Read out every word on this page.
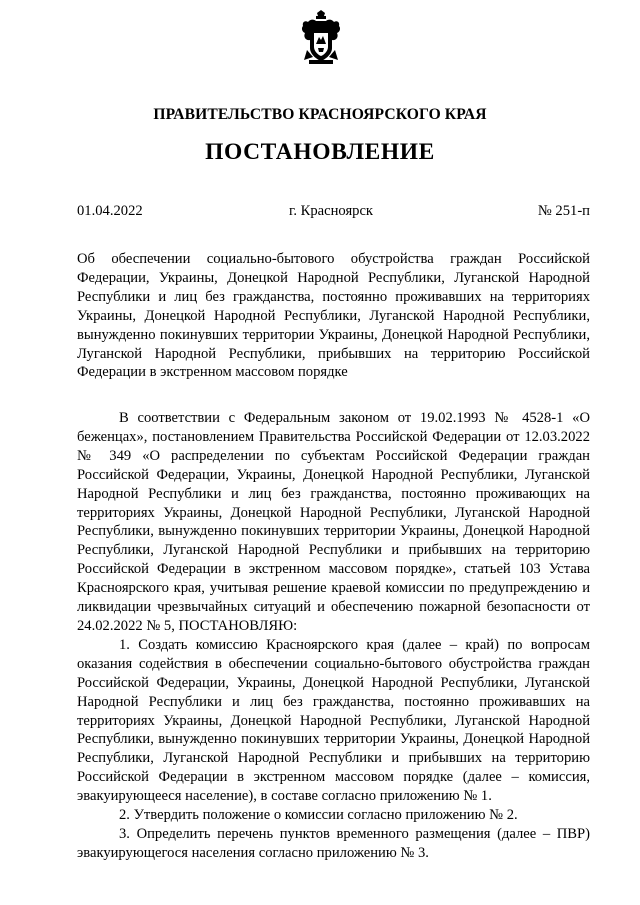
ПРАВИТЕЛЬСТВО КРАСНОЯРСКОГО КРАЯ
ПОСТАНОВЛЕНИЕ
01.04.2022	г. Красноярск	№ 251-п
Об обеспечении социально-бытового обустройства граждан Российской Федерации, Украины, Донецкой Народной Республики, Луганской Народной Республики и лиц без гражданства, постоянно проживавших на территориях Украины, Донецкой Народной Республики, Луганской Народной Республики, вынужденно покинувших территории Украины, Донецкой Народной Республики, Луганской Народной Республики, прибывших на территорию Российской Федерации в экстренном массовом порядке

В соответствии с Федеральным законом от 19.02.1993 № 4528-1 «О беженцах», постановлением Правительства Российской Федерации от 12.03.2022 № 349 «О распределении по субъектам Российской Федерации граждан Российской Федерации, Украины, Донецкой Народной Республики, Луганской Народной Республики и лиц без гражданства, постоянно проживающих на территориях Украины, Донецкой Народной Республики, Луганской Народной Республики, вынужденно покинувших территории Украины, Донецкой Народной Республики, Луганской Народной Республики и прибывших на территорию Российской Федерации в экстренном массовом порядке», статьей 103 Устава Красноярского края, учитывая решение краевой комиссии по предупреждению и ликвидации чрезвычайных ситуаций и обеспечению пожарной безопасности от 24.02.2022 № 5, ПОСТАНОВЛЯЮ:

1. Создать комиссию Красноярского края (далее – край) по вопросам оказания содействия в обеспечении социально-бытового обустройства граждан Российской Федерации, Украины, Донецкой Народной Республики, Луганской Народной Республики и лиц без гражданства, постоянно проживавших на территориях Украины, Донецкой Народной Республики, Луганской Народной Республики, вынужденно покинувших территории Украины, Донецкой Народной Республики, Луганской Народной Республики и прибывших на территорию Российской Федерации в экстренном массовом порядке (далее – комиссия, эвакуирующееся население), в составе согласно приложению № 1.

2. Утвердить положение о комиссии согласно приложению № 2.

3. Определить перечень пунктов временного размещения (далее – ПВР) эвакуирующегося населения согласно приложению № 3.
